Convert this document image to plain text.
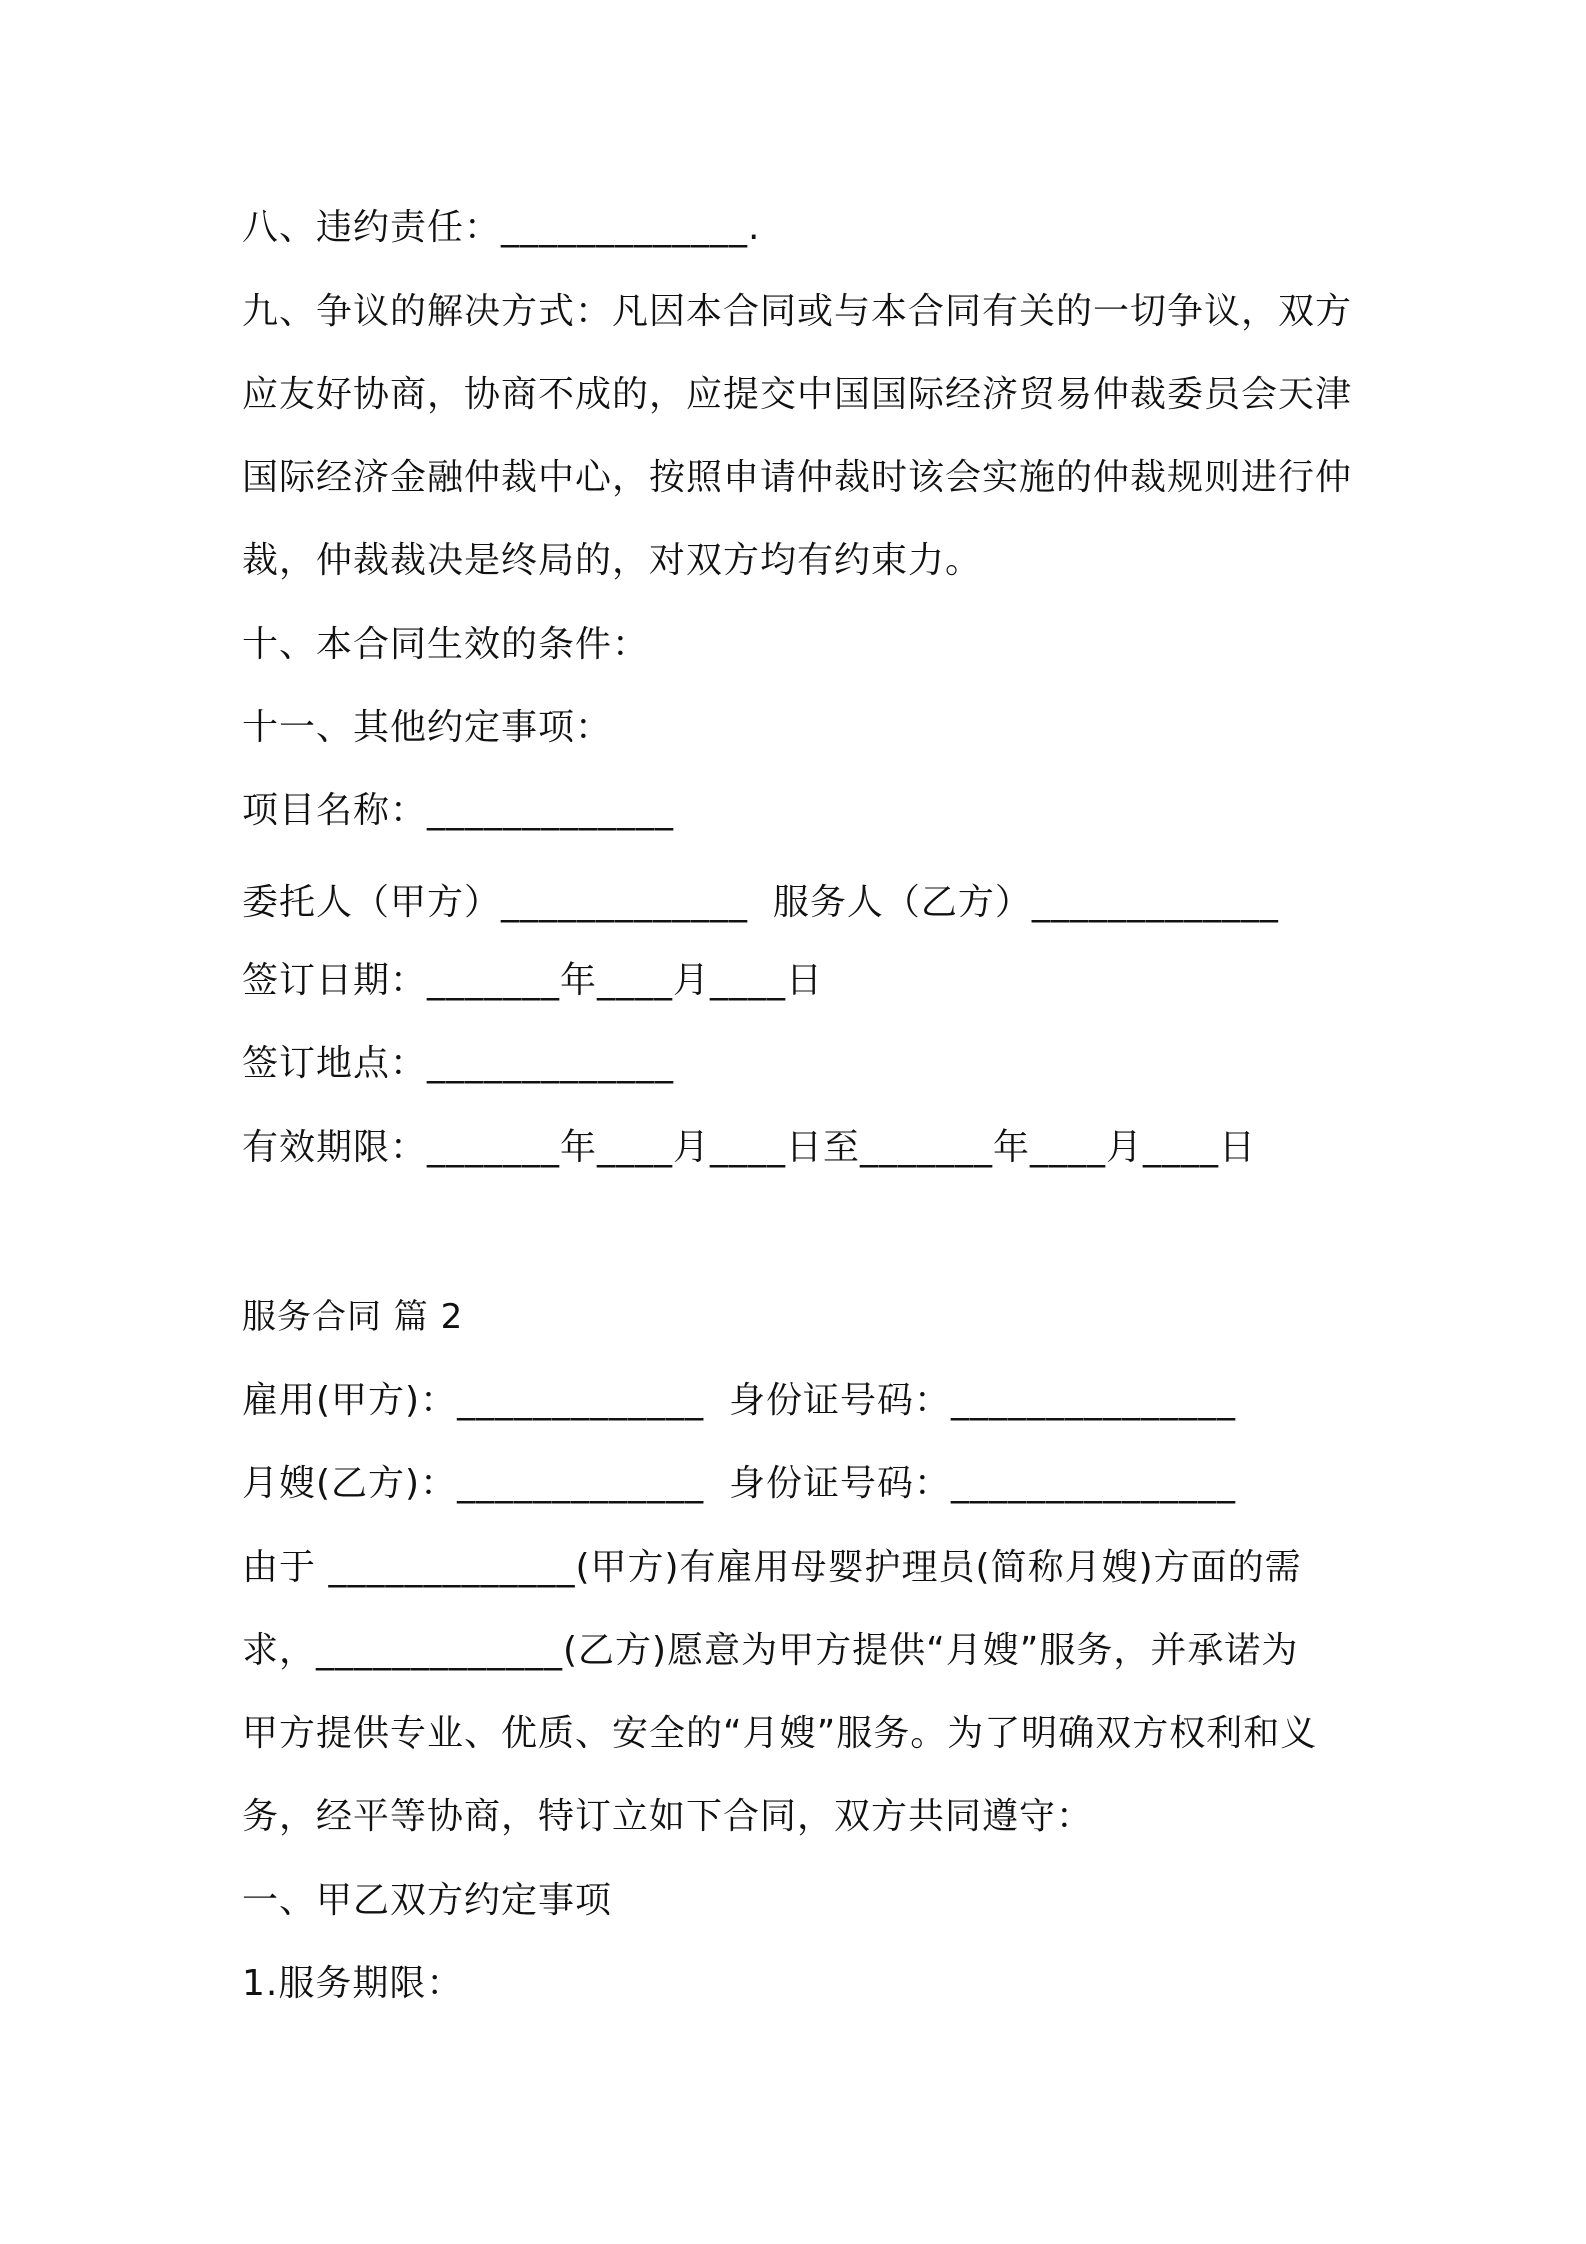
八、违约责任：_____________.
九、争议的解决方式：凡因本合同或与本合同有关的一切争议，双方
应友好协商，协商不成的，应提交中国国际经济贸易仲裁委员会天津
国际经济金融仲裁中心，按照申请仲裁时该会实施的仲裁规则进行仲
裁，仲裁裁决是终局的，对双方均有约束力。
十、本合同生效的条件：
十一、其他约定事项：
项目名称：_____________
委托人（甲方）_____________  服务人（乙方）_____________
签订日期：_______年____月____日
签订地点：_____________
有效期限：_______年____月____日至_______年____月____日
服务合同 篇 2
雇用(甲方)：_____________  身份证号码：_______________
月嫂(乙方)：_____________  身份证号码：_______________
由于 _____________(甲方)有雇用母婴护理员(简称月嫂)方面的需
求，_____________(乙方)愿意为甲方提供“月嫂”服务，并承诺为
甲方提供专业、优质、安全的“月嫂”服务。为了明确双方权利和义
务，经平等协商，特订立如下合同，双方共同遵守：
一、甲乙双方约定事项
1.服务期限：
